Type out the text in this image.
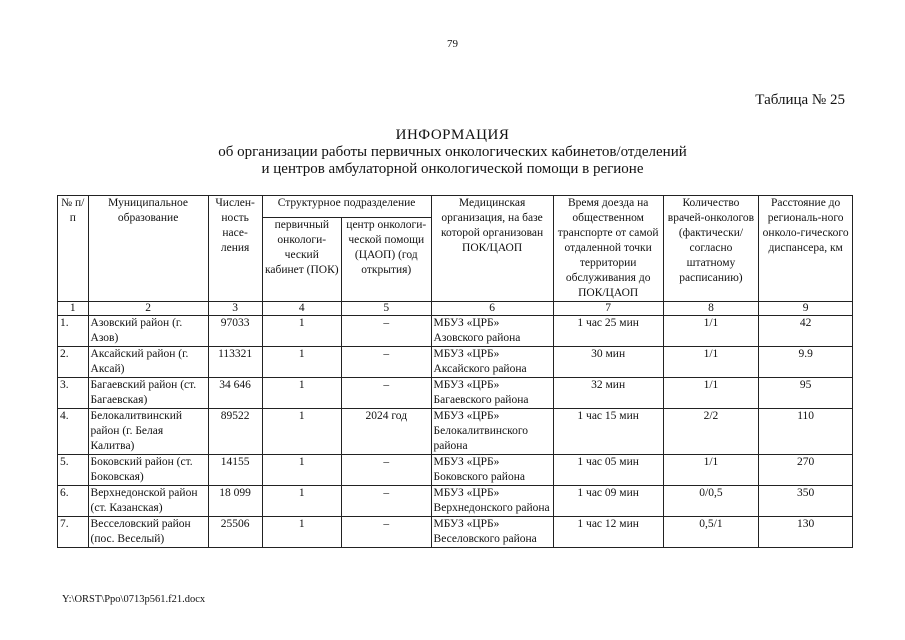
79
Таблица № 25
ИНФОРМАЦИЯ
об организации работы первичных онкологических кабинетов/отделений
и центров амбулаторной онкологической помощи в регионе
№ п/п	Муниципальное образование	Числен-ность насе-ления	Структурное подразделение		Медицинская организация, на базе которой организован ПОК/ЦАОП	Время доезда на общественном транспорте от самой отдаленной точки территории обслуживания до ПОК/ЦАОП	Количество врачей-онкологов (фактически/ согласно штатному расписанию)	Расстояние до региональ-ного онколо-гического диспансера, км
			первичный онкологи-ческий кабинет (ПОК)	центр онкологи-ческой помощи (ЦАОП) (год открытия)				
1	2	3	4	5	6	7	8	9
1.	Азовский район (г. Азов)	97033	1	–	МБУЗ «ЦРБ» Азовского района	1 час 25 мин	1/1	42
2.	Аксайский район (г. Аксай)	113321	1	–	МБУЗ «ЦРБ» Аксайского района	30 мин	1/1	9.9
3.	Багаевский район (ст. Багаевская)	34 646	1	–	МБУЗ «ЦРБ» Багаевского района	32 мин	1/1	95
4.	Белокалитвинский район (г. Белая Калитва)	89522	1	2024 год	МБУЗ «ЦРБ» Белокалитвинского района	1 час 15 мин	2/2	110
5.	Боковский район (ст. Боковская)	14155	1	–	МБУЗ «ЦРБ» Боковского района	1 час 05 мин	1/1	270
6.	Верхнедонской район (ст. Казанская)	18 099	1	–	МБУЗ «ЦРБ» Верхнедонского района	1 час 09 мин	0/0,5	350
7.	Весселовский район (пос. Веселый)	25506	1	–	МБУЗ «ЦРБ» Веселовского района	1 час 12 мин	0,5/1	130
Y:\ORST\Ppo\0713p561.f21.docx
